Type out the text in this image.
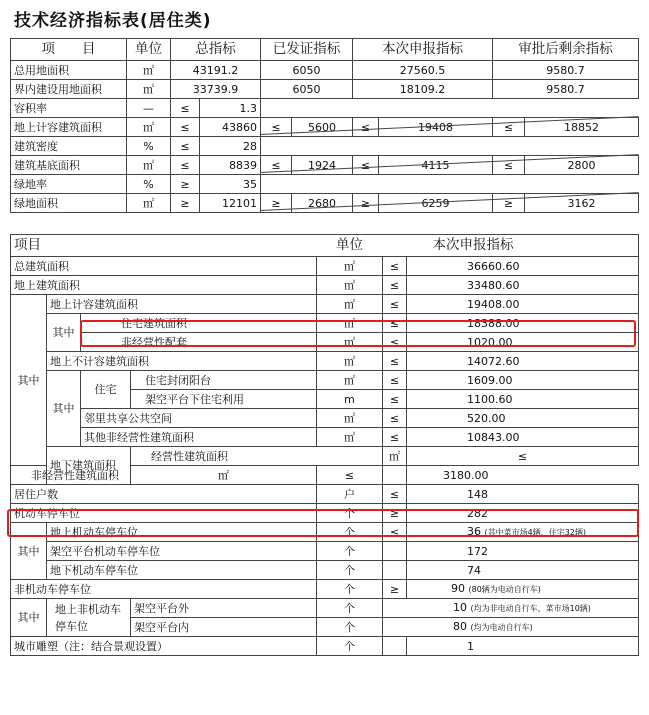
技术经济指标表(居住类)
项　　目	单位	总指标		已发证指标		本次申报指标		审批后剩余指标	
总用地面积	㎡	43191.2		6050		27560.5		9580.7	
界内建设用地面积	㎡	33739.9		6050		18109.2		9580.7	
容积率	—	≤	1.3						
地上计容建筑面积	㎡	≤	43860	≤	5600	≤	19408	≤	18852
建筑密度	%	≤	28						
建筑基底面积	㎡	≤	8839	≤	1924	≤	4115	≤	2800
绿地率	%	≥	35						
绿地面积	㎡	≥	12101	≥	2680	≥	6259	≥	3162
项目				单位	本次申报指标		
总建筑面积				㎡	≤	36660.60	
地上建筑面积				㎡	≤	33480.60	
其中	地上计容建筑面积			㎡	≤	19408.00	
	其中	住宅建筑面积		㎡	≤	18388.00	
		非经营性配套		㎡	≤	1020.00	
	地上不计容建筑面积			㎡	≤	14072.60	
	其中	住宅	住宅封闭阳台	㎡	≤	1609.00	
			架空平台下住宅利用	m	≤	1100.60	
		邻里共享公共空间		㎡	≤	520.00	
		其他非经营性建筑面积		㎡	≤	10843.00	
	地下建筑面积		经营性建筑面积		㎡	≤	
非经营性建筑面积			㎡	≤	3180.00		
居住户数				户	≤	148	
机动车停车位				个	≥	282	
其中	地上机动车停车位			个	≤	36 (其中菜市场4辆，住宅32辆)	
	架空平台机动车停车位			个		172	
	地下机动车停车位			个		74	
非机动车停车位				个	≥	90 (80辆为电动自行车)	
其中	地上非机动车停车位		架空平台外	个	10 (均为非电动自行车，菜市场10辆)		
			架空平台内	个	80 (均为电动自行车)		
城市雕塑（注：结合景观设置）				个		1	
